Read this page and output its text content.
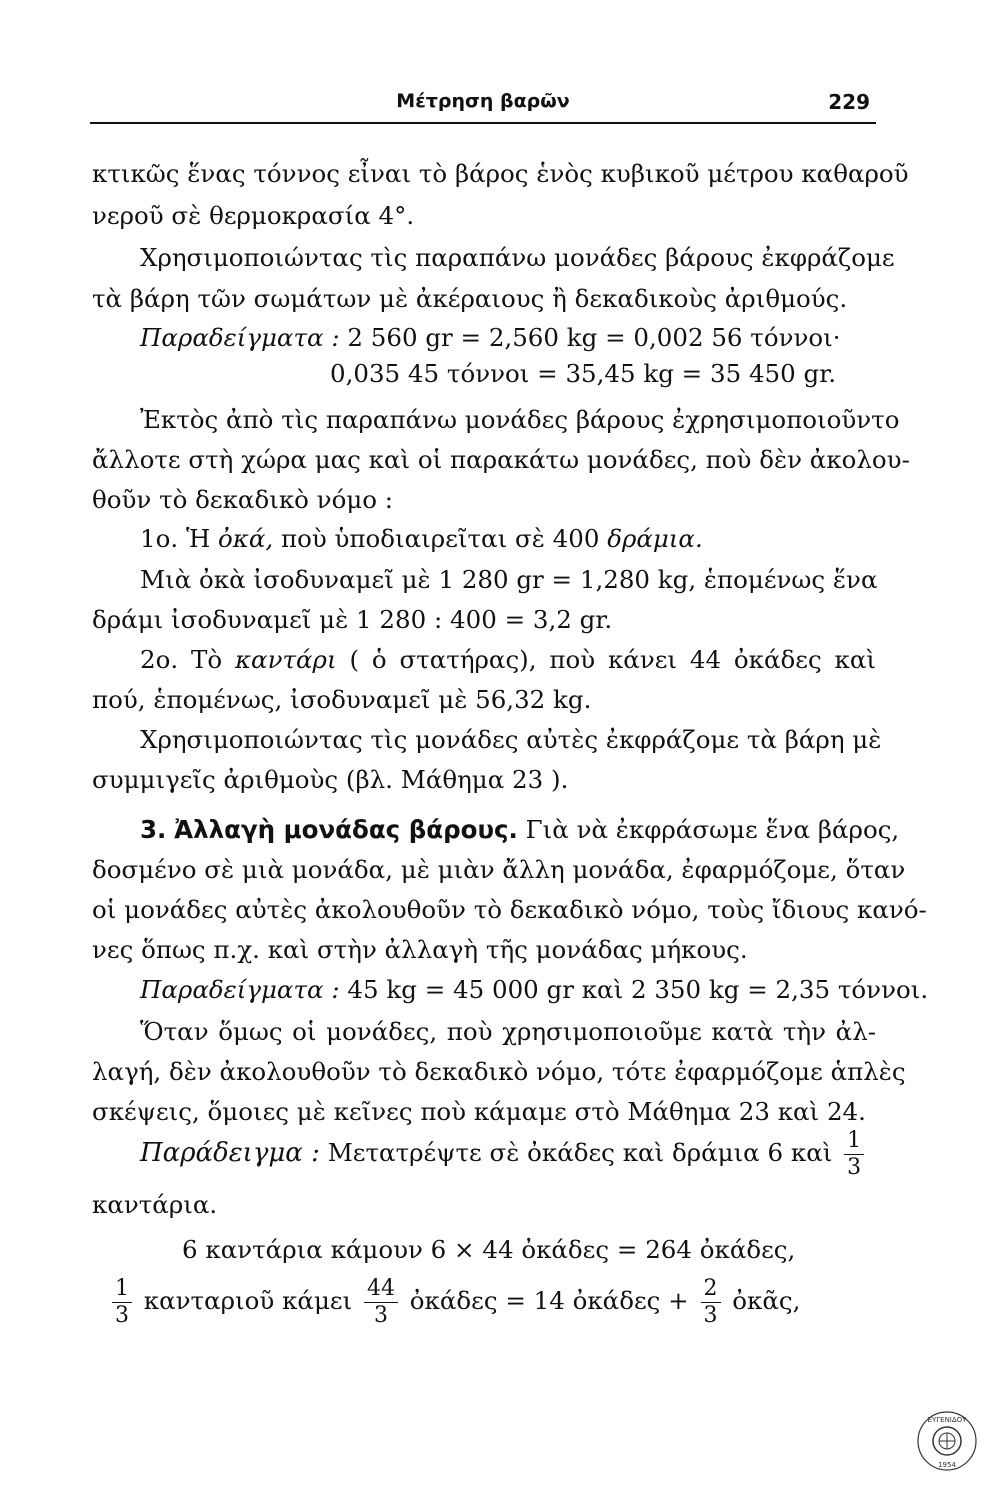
Μέτρηση βαρῶν	229
κτικῶς ἕνας τόννος εἶναι τὸ βάρος ἑνὸς κυβικοῦ μέτρου καθαροῦ
νεροῦ σὲ θερμοκρασία 4°.
Χρησιμοποιώντας τὶς παραπάνω μονάδες βάρους ἐκφράζομε
τὰ βάρη τῶν σωμάτων μὲ ἀκέραιους ἢ δεκαδικοὺς ἀριθμούς.
Παραδείγματα : 2 560 gr = 2,560 kg = 0,002 56 τόννοι·
0,035 45 τόννοι = 35,45 kg = 35 450 gr.
Ἐκτὸς ἀπὸ τὶς παραπάνω μονάδες βάρους ἐχρησιμοποιοῦντο
ἄλλοτε στὴ χώρα μας καὶ οἱ παρακάτω μονάδες, ποὺ δὲν ἀκολου-
θοῦν τὸ δεκαδικὸ νόμο :
1ο. Ἡ ὀκά, ποὺ ὑποδιαιρεῖται σὲ 400 δράμια.
Μιὰ ὀκὰ ἰσοδυναμεῖ μὲ 1 280 gr = 1,280 kg, ἑπομένως ἕνα
δράμι ἰσοδυναμεῖ μὲ 1 280 : 400 = 3,2 gr.
2ο. Τὸ καντάρι ( ὁ στατήρας), ποὺ κάνει 44 ὀκάδες καὶ
πού, ἑπομένως, ἰσοδυναμεῖ μὲ 56,32 kg.
Χρησιμοποιώντας τὶς μονάδες αὐτὲς ἐκφράζομε τὰ βάρη μὲ
συμμιγεῖς ἀριθμοὺς (βλ. Μάθημα 23 ).
3. Ἀλλαγὴ μονάδας βάρους. Γιὰ νὰ ἐκφράσωμε ἕνα βάρος,
δοσμένο σὲ μιὰ μονάδα, μὲ μιὰν ἄλλη μονάδα, ἐφαρμόζομε, ὅταν
οἱ μονάδες αὐτὲς ἀκολουθοῦν τὸ δεκαδικὸ νόμο, τοὺς ἴδιους κανό-
νες ὅπως π.χ. καὶ στὴν ἀλλαγὴ τῆς μονάδας μήκους.
Παραδείγματα : 45 kg = 45 000 gr καὶ 2 350 kg = 2,35 τόννοι.
Ὅταν ὅμως οἱ μονάδες, ποὺ χρησιμοποιοῦμε κατὰ τὴν ἀλ-
λαγή, δὲν ἀκολουθοῦν τὸ δεκαδικὸ νόμο, τότε ἐφαρμόζομε ἁπλὲς
σκέψεις, ὅμοιες μὲ κεῖνες ποὺ κάμαμε στὸ Μάθημα 23 καὶ 24.
Παράδειγμα : Μετατρέψτε σὲ ὀκάδες καὶ δράμια 6 καὶ $\frac{1}{3}$
καντάρια.
6 καντάρια κάμουν 6 × 44 ὀκάδες = 264 ὀκάδες,
$\frac{1}{3}$ κανταριοῦ κάμει $\frac{44}{3}$ ὀκάδες = 14 ὀκάδες + $\frac{2}{3}$ ὀκᾶς,
ΕΥΓΕΝΙΔΟΥ
1954
